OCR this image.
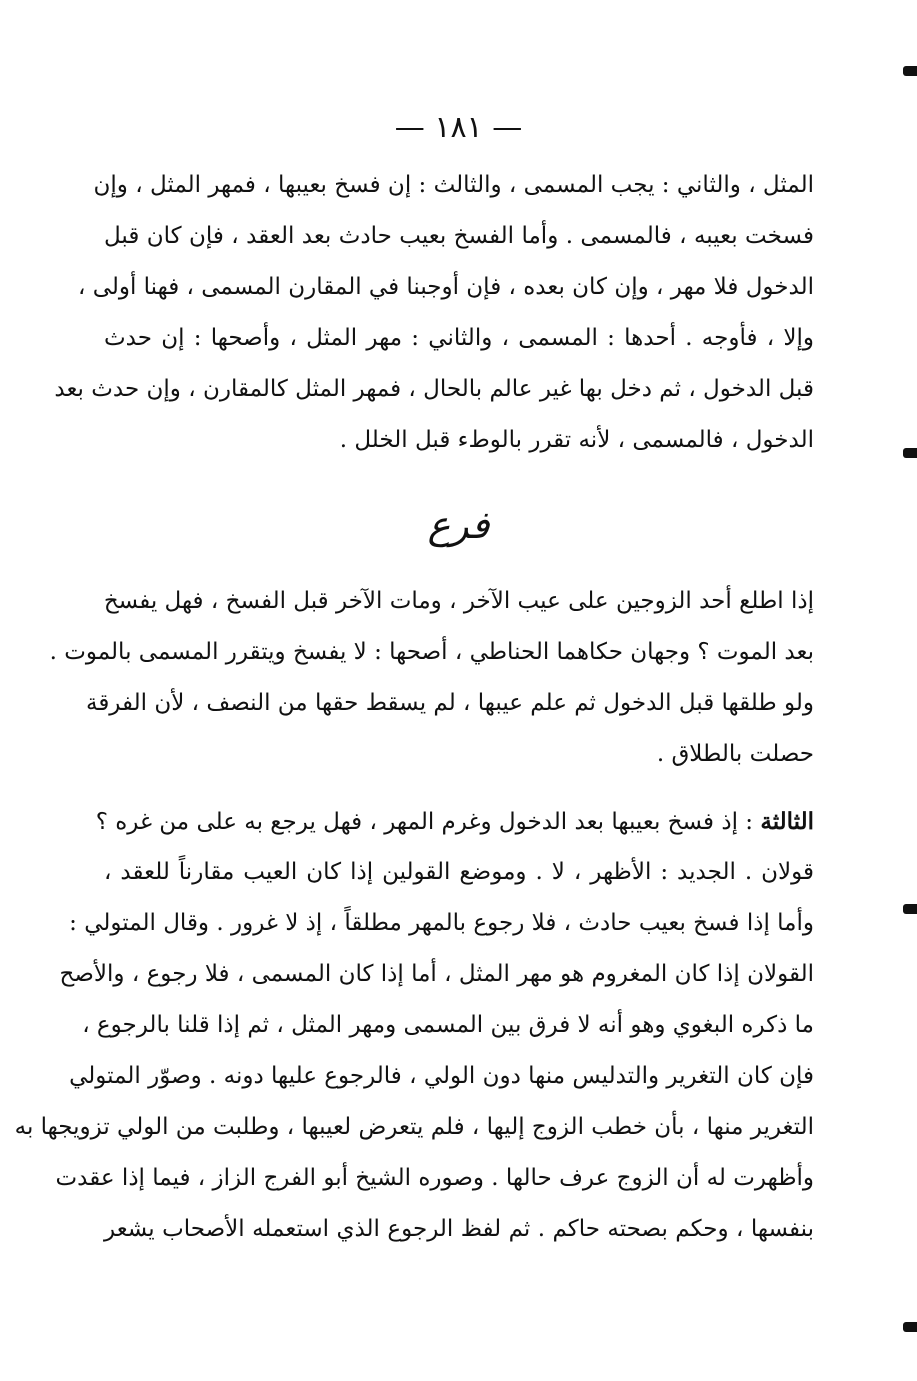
— ١٨١ —
المثل ، والثاني : يجب المسمى ، والثالث : إن فسخ بعيبها ، فمهر المثل ، وإن
فسخت بعيبه ، فالمسمى . وأما الفسخ بعيب حادث بعد العقد ، فإن كان قبل
الدخول فلا مهر ، وإن كان بعده ، فإن أوجبنا في المقارن المسمى ، فهنا أولى ،
وإلا ، فأوجه . أحدها : المسمى ، والثاني : مهر المثل ، وأصحها : إن حدث
قبل الدخول ، ثم دخل بها غير عالم بالحال ، فمهر المثل كالمقارن ، وإن حدث بعد
الدخول ، فالمسمى ، لأنه تقرر بالوطء قبل الخلل .
فرع
إذا اطلع أحد الزوجين على عيب الآخر ، ومات الآخر قبل الفسخ ، فهل يفسخ
بعد الموت ؟ وجهان حكاهما الحناطي ، أصحها : لا يفسخ ويتقرر المسمى بالموت .
ولو طلقها قبل الدخول ثم علم عيبها ، لم يسقط حقها من النصف ، لأن الفرقة
حصلت بالطلاق .
الثالثة : إذ فسخ بعيبها بعد الدخول وغرم المهر ، فهل يرجع به على من غره ؟
قولان . الجديد : الأظهر ، لا . وموضع القولين إذا كان العيب مقارناً للعقد ،
وأما إذا فسخ بعيب حادث ، فلا رجوع بالمهر مطلقاً ، إذ لا غرور . وقال المتولي :
القولان إذا كان المغروم هو مهر المثل ، أما إذا كان المسمى ، فلا رجوع ، والأصح
ما ذكره البغوي وهو أنه لا فرق بين المسمى ومهر المثل ، ثم إذا قلنا بالرجوع ،
فإن كان التغرير والتدليس منها دون الولي ، فالرجوع عليها دونه . وصوّر المتولي
التغرير منها ، بأن خطب الزوج إليها ، فلم يتعرض لعيبها ، وطلبت من الولي تزويجها به
وأظهرت له أن الزوج عرف حالها . وصوره الشيخ أبو الفرج الزاز ، فيما إذا عقدت
بنفسها ، وحكم بصحته حاكم . ثم لفظ الرجوع الذي استعمله الأصحاب يشعر
